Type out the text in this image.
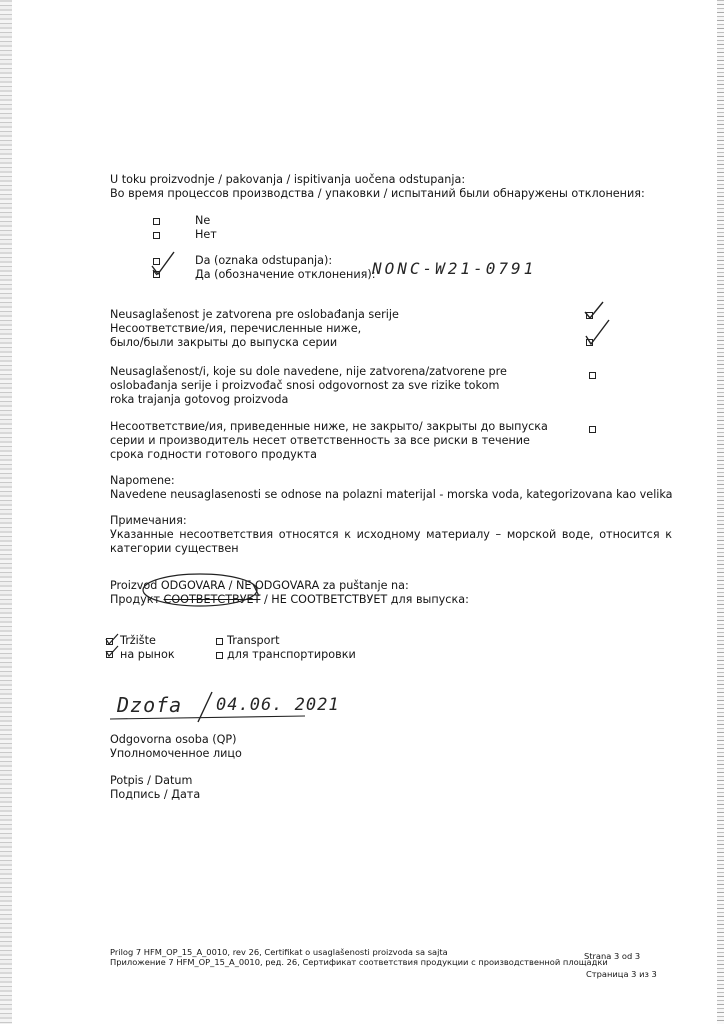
U toku proizvodnje / pakovanja / ispitivanja uočena odstupanja:
Во время процессов производства / упаковки / испытаний были обнаружены отклонения:
Ne
Нет
Da (oznaka odstupanja):
Да (обозначение отклонения):
NONC-W21-0791
Neusaglašenost je zatvorena pre oslobađanja serije
Несоответствие/ия, перечисленные ниже,
было/были закрыты до выпуска серии
Neusaglašenost/i, koje su dole navedene, nije zatvorena/zatvorene pre
oslobađanja serije i proizvođač snosi odgovornost za sve rizike tokom
roka trajanja gotovog proizvoda
Несоответствие/ия, приведенные ниже, не закрыто/ закрыты до выпуска
серии и производитель несет ответственность за все риски в течение
срока годности готового продукта
Napomene:
Navedene neusaglasenosti se odnose na polazni materijal - morska voda, kategorizovana kao velika
Примечания:
Указанные несоответствия относятся к исходному материалу – морской воде, относится к категории существен
Proizvod ODGOVARA / NE ODGOVARA za puštanje na:
Продукт СООТВЕТСТВУЕТ / НЕ СООТВЕТСТВУЕТ для выпуска:
Tržište
на рынок
Transport
для транспортировки
Dzofa 04.06. 2021
Odgovorna osoba (QP)
Уполномоченное лицо
Potpis / Datum
Подпись / Дата
Prilog 7 HFM_OP_15_A_0010, rev 26, Certifikat o usaglašenosti proizvoda sa sajta
Приложение 7 HFM_OP_15_A_0010, ред. 26, Сертификат соответствия продукции с производственной площадки
Strana 3 od 3
Страница 3 из 3
